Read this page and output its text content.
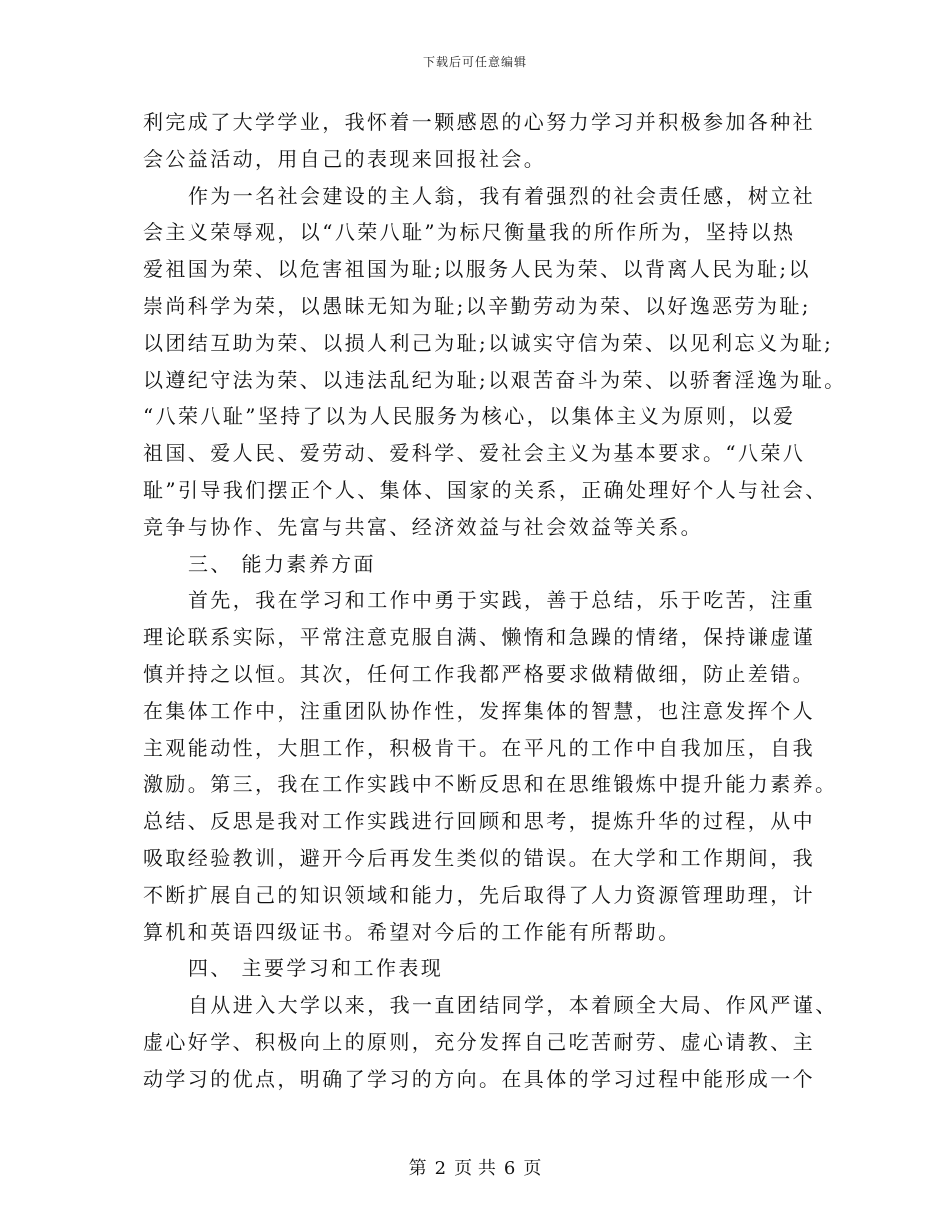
下载后可任意编辑
利完成了大学学业，我怀着一颗感恩的心努力学习并积极参加各种社
会公益活动，用自己的表现来回报社会。
作为一名社会建设的主人翁，我有着强烈的社会责任感，树立社
会主义荣辱观，以“八荣八耻”为标尺衡量我的所作所为，坚持以热
爱祖国为荣、以危害祖国为耻;以服务人民为荣、以背离人民为耻;以
崇尚科学为荣，以愚昧无知为耻;以辛勤劳动为荣、以好逸恶劳为耻;
以团结互助为荣、以损人利己为耻;以诚实守信为荣、以见利忘义为耻;
以遵纪守法为荣、以违法乱纪为耻;以艰苦奋斗为荣、以骄奢淫逸为耻。
“八荣八耻”坚持了以为人民服务为核心，以集体主义为原则，以爱
祖国、爱人民、爱劳动、爱科学、爱社会主义为基本要求。“八荣八
耻”引导我们摆正个人、集体、国家的关系，正确处理好个人与社会、
竞争与协作、先富与共富、经济效益与社会效益等关系。
三、 能力素养方面
首先，我在学习和工作中勇于实践，善于总结，乐于吃苦，注重
理论联系实际，平常注意克服自满、懒惰和急躁的情绪，保持谦虚谨
慎并持之以恒。其次，任何工作我都严格要求做精做细，防止差错。
在集体工作中，注重团队协作性，发挥集体的智慧，也注意发挥个人
主观能动性，大胆工作，积极肯干。在平凡的工作中自我加压，自我
激励。第三，我在工作实践中不断反思和在思维锻炼中提升能力素养。
总结、反思是我对工作实践进行回顾和思考，提炼升华的过程，从中
吸取经验教训，避开今后再发生类似的错误。在大学和工作期间，我
不断扩展自己的知识领域和能力，先后取得了人力资源管理助理，计
算机和英语四级证书。希望对今后的工作能有所帮助。
四、 主要学习和工作表现
自从进入大学以来，我一直团结同学，本着顾全大局、作风严谨、
虚心好学、积极向上的原则，充分发挥自己吃苦耐劳、虚心请教、主
动学习的优点，明确了学习的方向。在具体的学习过程中能形成一个
第 2 页 共 6 页
